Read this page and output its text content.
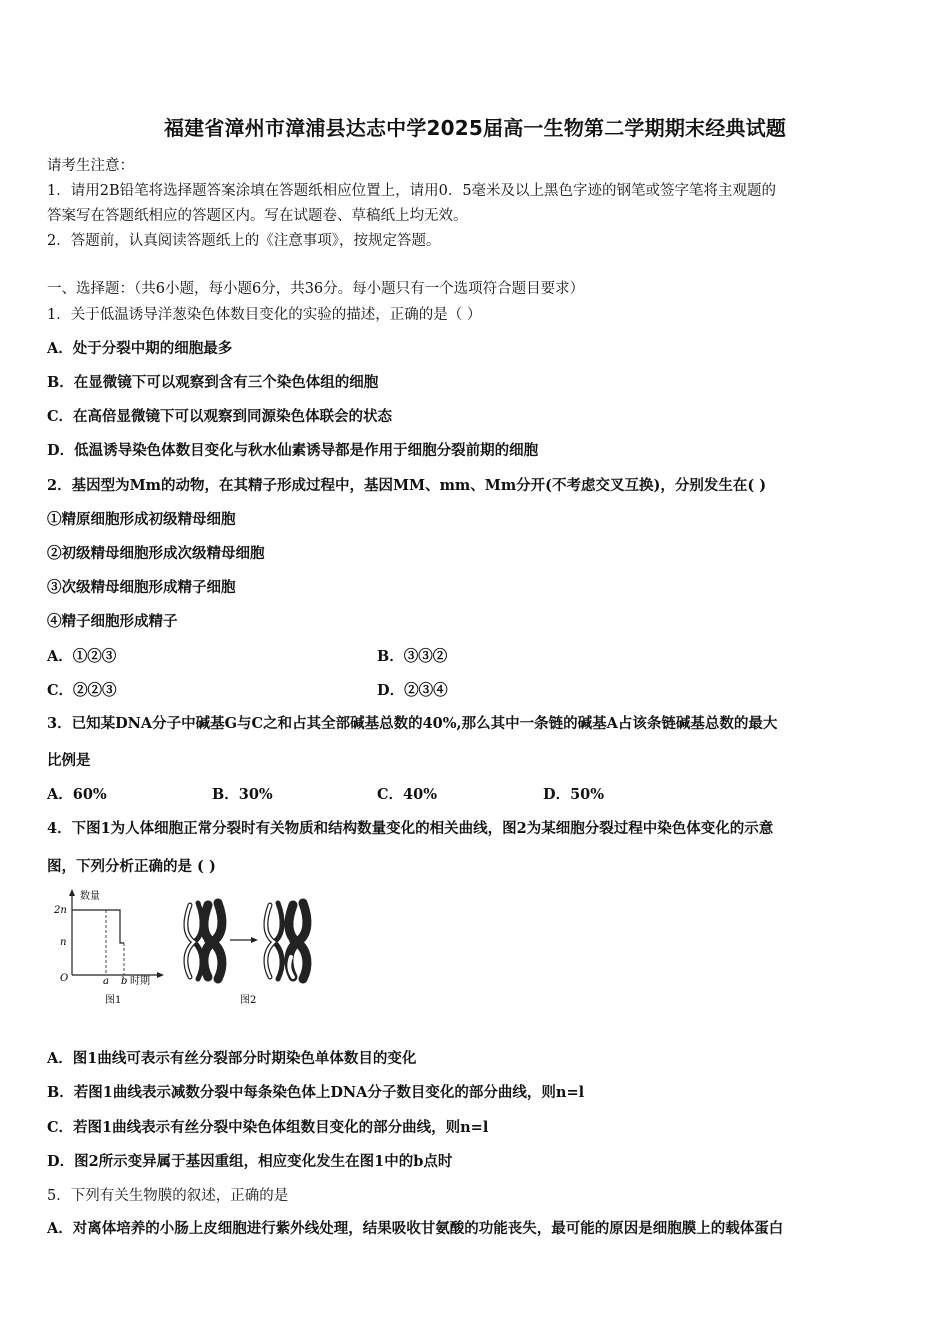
福建省漳州市漳浦县达志中学2025届高一生物第二学期期末经典试题
请考生注意：
1．请用2B铅笔将选择题答案涂填在答题纸相应位置上，请用0．5毫米及以上黑色字迹的钢笔或签字笔将主观题的
答案写在答题纸相应的答题区内。写在试题卷、草稿纸上均无效。
2．答题前，认真阅读答题纸上的《注意事项》，按规定答题。
一、选择题：（共6小题，每小题6分，共36分。每小题只有一个选项符合题目要求）
1．关于低温诱导洋葱染色体数目变化的实验的描述，正确的是（ ）
A．处于分裂中期的细胞最多
B．在显微镜下可以观察到含有三个染色体组的细胞
C．在高倍显微镜下可以观察到同源染色体联会的状态
D．低温诱导染色体数目变化与秋水仙素诱导都是作用于细胞分裂前期的细胞
2．基因型为Mm的动物，在其精子形成过程中，基因MM、mm、Mm分开(不考虑交叉互换)，分别发生在( )
①精原细胞形成初级精母细胞
②初级精母细胞形成次级精母细胞
③次级精母细胞形成精子细胞
④精子细胞形成精子
A．①②③	B．③③②
C．②②③	D．②③④
3．已知某DNA分子中碱基G与C之和占其全部碱基总数的40%,那么其中一条链的碱基A占该条链碱基总数的最大
比例是
A．60%	B．30%	C．40%	D．50%
4．下图1为人体细胞正常分裂时有关物质和结构数量变化的相关曲线，图2为某细胞分裂过程中染色体变化的示意
图，下列分析正确的是 ( )
数量
2n
n
O	a b 时期
图1	图2
A．图1曲线可表示有丝分裂部分时期染色单体数目的变化
B．若图1曲线表示减数分裂中每条染色体上DNA分子数目变化的部分曲线，则n=l
C．若图1曲线表示有丝分裂中染色体组数目变化的部分曲线，则n=l
D．图2所示变异属于基因重组，相应变化发生在图1中的b点时
5．下列有关生物膜的叙述，正确的是
A．对离体培养的小肠上皮细胞进行紫外线处理，结果吸收甘氨酸的功能丧失，最可能的原因是细胞膜上的载体蛋白
